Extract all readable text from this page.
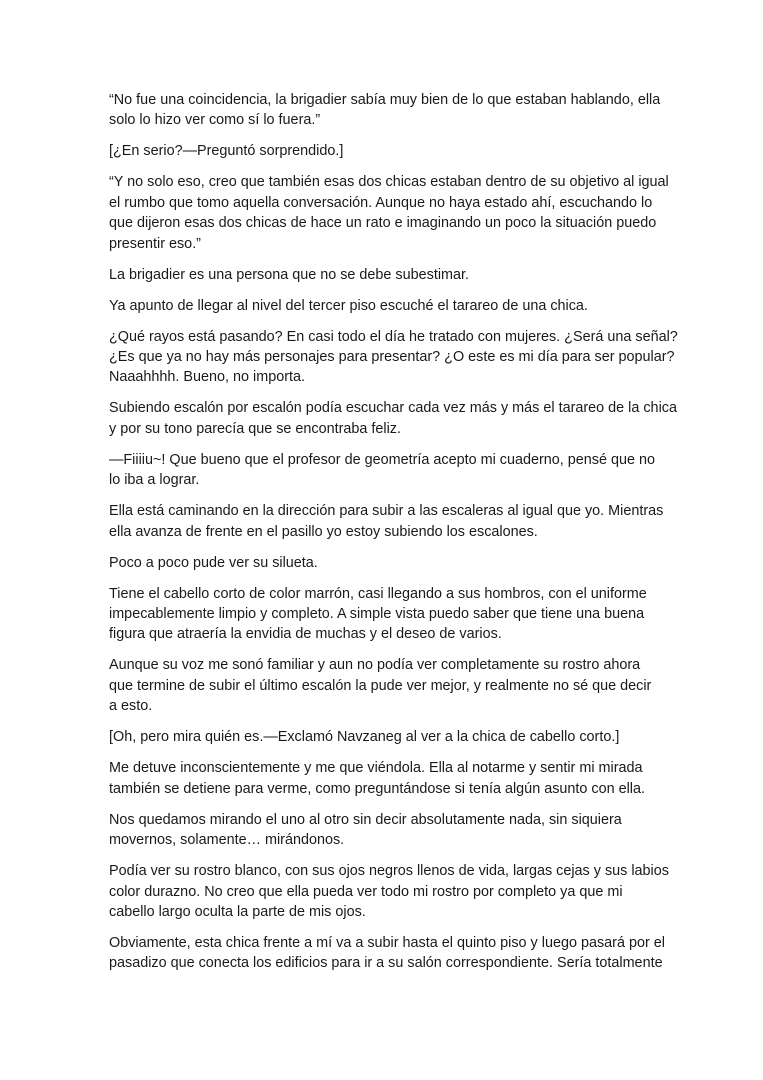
“No fue una coincidencia, la brigadier sabía muy bien de lo que estaban hablando, ella
solo lo hizo ver como sí lo fuera.”

[¿En serio?—Preguntó sorprendido.]

“Y no solo eso, creo que también esas dos chicas estaban dentro de su objetivo al igual
el rumbo que tomo aquella conversación. Aunque no haya estado ahí, escuchando lo
que dijeron esas dos chicas de hace un rato e imaginando un poco la situación puedo
presentir eso.”

La brigadier es una persona que no se debe subestimar.

Ya apunto de llegar al nivel del tercer piso escuché el tarareo de una chica.

¿Qué rayos está pasando? En casi todo el día he tratado con mujeres. ¿Será una señal?
¿Es que ya no hay más personajes para presentar? ¿O este es mi día para ser popular?
Naaahhhh. Bueno, no importa.

Subiendo escalón por escalón podía escuchar cada vez más y más el tarareo de la chica
y por su tono parecía que se encontraba feliz.

—Fiiiiu~! Que bueno que el profesor de geometría acepto mi cuaderno, pensé que no
lo iba a lograr.

Ella está caminando en la dirección para subir a las escaleras al igual que yo. Mientras
ella avanza de frente en el pasillo yo estoy subiendo los escalones.

Poco a poco pude ver su silueta.

Tiene el cabello corto de color marrón, casi llegando a sus hombros, con el uniforme
impecablemente limpio y completo. A simple vista puedo saber que tiene una buena
figura que atraería la envidia de muchas y el deseo de varios.

Aunque su voz me sonó familiar y aun no podía ver completamente su rostro ahora
que termine de subir el último escalón la pude ver mejor, y realmente no sé que decir
a esto.

[Oh, pero mira quién es.—Exclamó Navzaneg al ver a la chica de cabello corto.]

Me detuve inconscientemente y me que viéndola. Ella al notarme y sentir mi mirada
también se detiene para verme, como preguntándose si tenía algún asunto con ella.

Nos quedamos mirando el uno al otro sin decir absolutamente nada, sin siquiera
movernos, solamente… mirándonos.

Podía ver su rostro blanco, con sus ojos negros llenos de vida, largas cejas y sus labios
color durazno. No creo que ella pueda ver todo mi rostro por completo ya que mi
cabello largo oculta la parte de mis ojos.

Obviamente, esta chica frente a mí va a subir hasta el quinto piso y luego pasará por el
pasadizo que conecta los edificios para ir a su salón correspondiente. Sería totalmente
